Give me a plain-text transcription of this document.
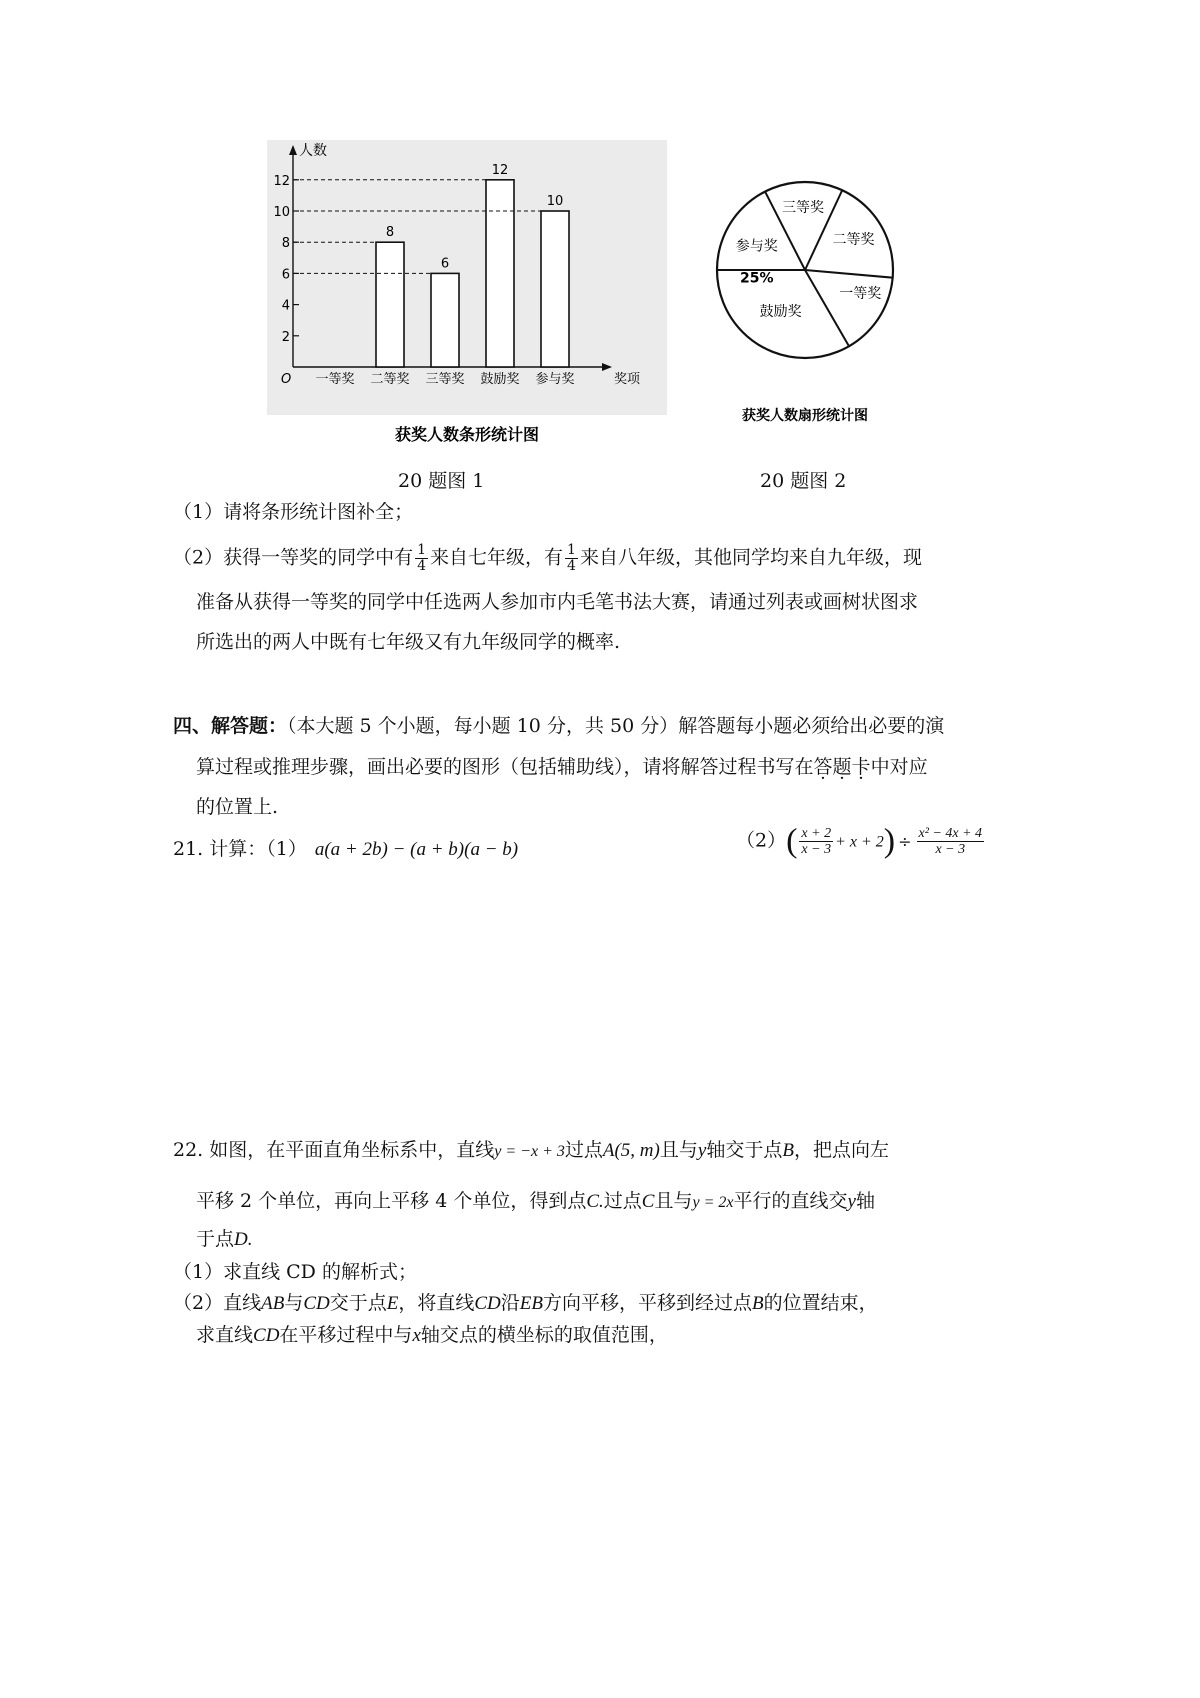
人数
O	奖项
2
4
6
8
10
12
一等奖 二等奖
8
三等奖
6
鼓励奖
12
参与奖
10
获奖人数条形统计图
三等奖
二等奖
一等奖
鼓励奖
参与奖
25%
获奖人数扇形统计图
20 题图 1	20 题图 2
（1）请将条形统计图补全；
（2）获得一等奖的同学中有 $\frac{1}{4}$ 来自七年级，有 $\frac{1}{4}$ 来自八年级，其他同学均来自九年级，现
准备从获得一等奖的同学中任选两人参加市内毛笔书法大赛，请通过列表或画树状图求
所选出的两人中既有七年级又有九年级同学的概率.
四、解答题：（本大题 5 个小题，每小题 10 分，共 50 分）解答题每小题必须给出必要的演
算过程或推理步骤，画出必要的图形（包括辅助线），请将解答过程书写在答题卡中对应
的位置上.
21. 计算：（1） a(a + 2b) − (a + b)(a − b)	$(2)( \frac{x + 2}{x - 3} + x + 2) \div \frac{\text{x² − 4x + 4}}{x - 3}$
22. 如图，在平面直角坐标系中，直线y = −x + 3过点A(5, m)且与y轴交于点B，把点向左
平移 2 个单位，再向上平移 4 个单位，得到点C.过点C且与y = 2x平行的直线交y轴
于点D.
（1）求直线 CD 的解析式；
（2）直线AB与CD交于点E，将直线CD沿EB方向平移，平移到经过点B的位置结束，
求直线CD在平移过程中与x轴交点的横坐标的取值范围，
